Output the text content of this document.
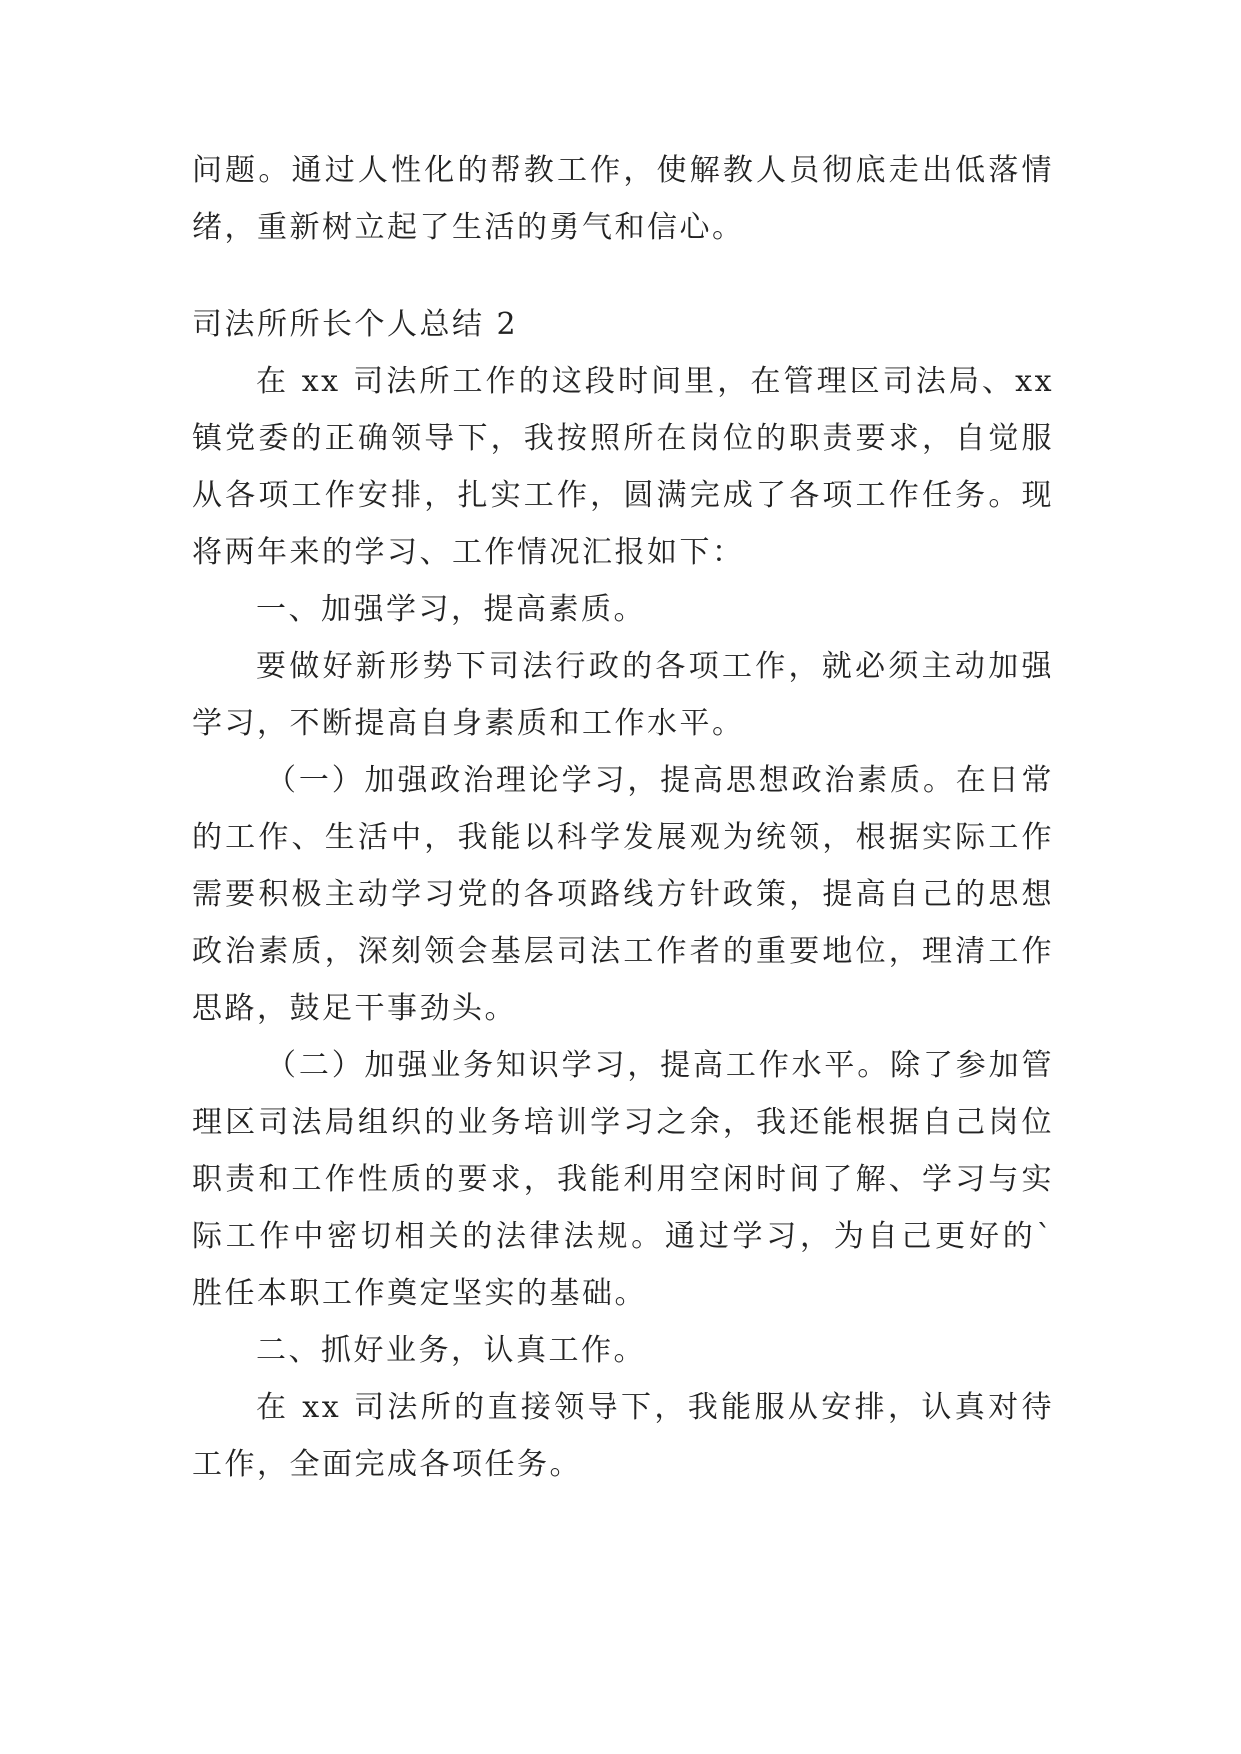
问题。通过人性化的帮教工作，使解教人员彻底走出低落情绪，重新树立起了生活的勇气和信心。

司法所所长个人总结 2

在 xx 司法所工作的这段时间里，在管理区司法局、xx 镇党委的正确领导下，我按照所在岗位的职责要求，自觉服从各项工作安排，扎实工作，圆满完成了各项工作任务。现将两年来的学习、工作情况汇报如下：

一、加强学习，提高素质。

要做好新形势下司法行政的各项工作，就必须主动加强学习，不断提高自身素质和工作水平。

（一）加强政治理论学习，提高思想政治素质。在日常的工作、生活中，我能以科学发展观为统领，根据实际工作需要积极主动学习党的各项路线方针政策，提高自己的思想政治素质，深刻领会基层司法工作者的重要地位，理清工作思路，鼓足干事劲头。

（二）加强业务知识学习，提高工作水平。除了参加管理区司法局组织的业务培训学习之余，我还能根据自己岗位职责和工作性质的要求，我能利用空闲时间了解、学习与实际工作中密切相关的法律法规。通过学习，为自己更好的`胜任本职工作奠定坚实的基础。

二、抓好业务，认真工作。

在 xx 司法所的直接领导下，我能服从安排，认真对待工作，全面完成各项任务。
